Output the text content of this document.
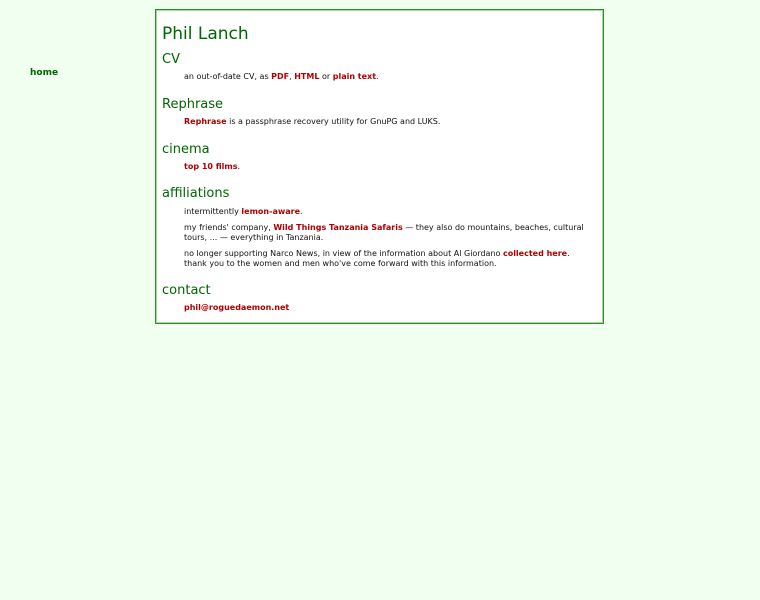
home
Phil Lanch
CV

an out-of-date CV, as PDF, HTML or plain text.

Rephrase

Rephrase is a passphrase recovery utility for GnuPG and LUKS.

cinema

top 10 films.

affiliations

intermittently lemon-aware.

my friends' company, Wild Things Tanzania Safaris — they also do mountains, beaches, cultural tours, ... — everything in Tanzania.

no longer supporting Narco News, in view of the information about Al Giordano collected here. thank you to the women and men who've come forward with this information.

contact

phil@roguedaemon.net
